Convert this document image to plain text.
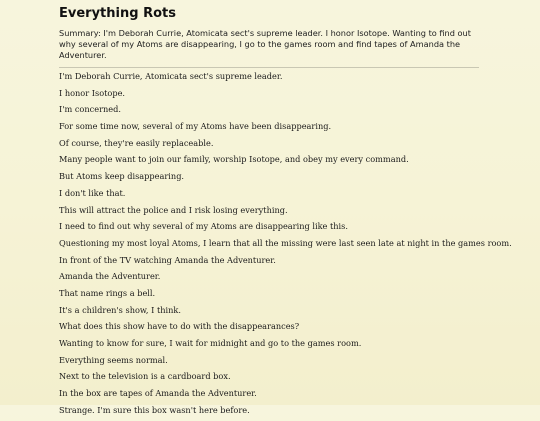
Everything Rots

Summary: I'm Deborah Currie, Atomicata sect's supreme leader. I honor Isotope. Wanting to find out why several of my Atoms are disappearing, I go to the games room and find tapes of Amanda the Adventurer.

I'm Deborah Currie, Atomicata sect's supreme leader.

I honor Isotope.

I'm concerned.

For some time now, several of my Atoms have been disappearing.

Of course, they're easily replaceable.

Many people want to join our family, worship Isotope, and obey my every command.

But Atoms keep disappearing.

I don't like that.

This will attract the police and I risk losing everything.

I need to find out why several of my Atoms are disappearing like this.

Questioning my most loyal Atoms, I learn that all the missing were last seen late at night in the games room.

In front of the TV watching Amanda the Adventurer.

Amanda the Adventurer.

That name rings a bell.

It's a children's show, I think.

What does this show have to do with the disappearances?

Wanting to know for sure, I wait for midnight and go to the games room.

Everything seems normal.

Next to the television is a cardboard box.

In the box are tapes of Amanda the Adventurer.

Strange. I'm sure this box wasn't here before.
